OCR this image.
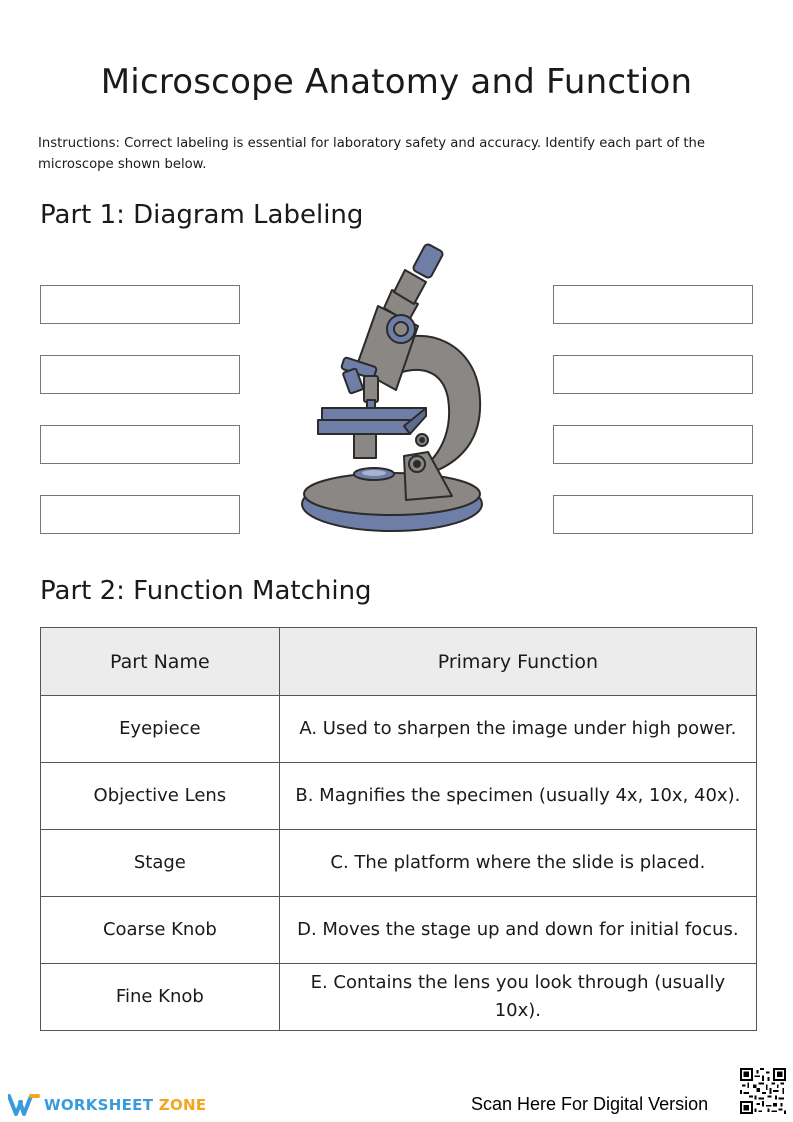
Microscope Anatomy and Function
Instructions: Correct labeling is essential for laboratory safety and accuracy. Identify each part of the microscope shown below.
Part 1: Diagram Labeling
Part 2: Function Matching
Part Name	Primary Function
Eyepiece	A. Used to sharpen the image under high power.
Objective Lens	B. Magnifies the specimen (usually 4x, 10x, 40x).
Stage	C. The platform where the slide is placed.
Coarse Knob	D. Moves the stage up and down for initial focus.
Fine Knob	E. Contains the lens you look through (usually 10x).
WORKSHEET ZONE	Scan Here For Digital Version
